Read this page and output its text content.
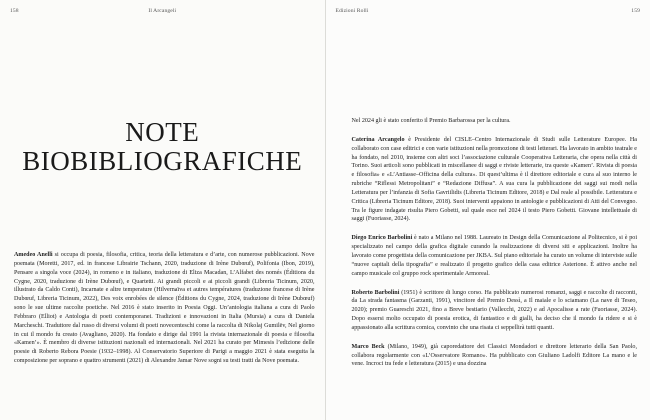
158	Il Arcangeli
NOTE
BIOBIBLIOGRAFICHE

Amedeo Anelli si occupa di poesia, filosofia, critica, teoria della letteratura e d’arte, con numerose pubblicazioni. Nove poemata (Moretti, 2017, ed. in francese Librairie Tschann, 2020, traduzione di Irène Dubœuf), Polifonia (Ibon, 2019), Pensare a singola voce (2024), in romeno e in italiano, traduzione di Eliza Macadan, L’Alfabet des només (Éditions du Cygne, 2020, traduzione di Irène Dubœuf), e Quartetti. Ai grandi piccoli e ai piccoli grandi (Libreria Ticinum, 2020, illustrato da Caldo Conti), Incarnate e altre temperature (Hilvernaïva et autres températures (traduzione francese di Irène Dubœuf, Libreria Ticinum, 2022), Des voix enrobées de silence (Éditions du Cygne, 2024, traduzione di Irène Dubœuf) sono le sue ultime raccolte poetiche. Nel 2016 è stato inserito in Poesia Oggi. Un’antologia italiana a cura di Paolo Febbraro (Elliot) e Antologia di poeti contemporanei. Tradizioni e innovazioni in Italia (Mursia) a cura di Daniela Marcheschi. Traduttore dal russo di diversi volumi di poeti novecenteschi come la raccolta di Nikolaj Gumilëv, Nel giorno in cui il mondo fu creato (Avagliano, 2020). Ha fondato e dirige dal 1991 la rivista internazionale di poesia e filosofia «Kamen’». È membro di diverse istituzioni nazionali ed internazionali. Nel 2021 ha curato per Mimesis l’edizione delle poesie di Roberto Rebora Poesie (1932–1998). Al Conservatorio Superiore di Parigi a maggio 2021 è stata eseguita la composizione per soprano e quattro strumenti (2021) di Alexandre Jamar Nove sogni su testi tratti da Nove poemata.

Edizioni Rollì	159

Nel 2024 gli è stato conferito il Premio Barbarossa per la cultura.

Caterina Arcangelo è Presidente del CISLE–Centro Internazionale di Studi sulle Letterature Europee. Ha collaborato con case editrici e con varie istituzioni nella promozione di testi letterari. Ha lavorato in ambito teatrale e ha fondato, nel 2010, insieme con altri soci l’associazione culturale Cooperativa Letteraria, che opera nella città di Torino. Suoi articoli sono pubblicati in miscellanee di saggi e riviste letterarie, tra queste «Kamen’. Rivista di poesia e filosofia» e «L’Antiasse–Officina della cultura». Di quest’ultima è il direttore editoriale e cura al suo interno le rubriche “Riflessi Metropolitani” e “Redazione Diffusa”. A sua cura la pubblicazione dei saggi sui modi nella Letteratura per l’infanzia di Sofia Gavriilidis (Libreria Ticinum Editore, 2018) e Dal reale al possibile. Letteratura e Critica (Libreria Ticinum Editore, 2018). Suoi interventi appaiono in antologie e pubblicazioni di Atti del Convegno. Tra le figure indagate risulta Piero Gobetti, sul quale esce nel 2024 il testo Piero Gobetti. Giovane intellettuale di saggi (Fuoriasse, 2024).

Diego Enrico Barbolini è nato a Milano nel 1988. Laureato in Design della Comunicazione al Politecnico, si è poi specializzato nel campo della grafica digitale curando la realizzazione di diversi siti e applicazioni. Inoltre ha lavorato come progettista della comunicazione per JKBA. Sul piano editoriale ha curato un volume di interviste sulle “nuove capitali della tipografia” e realizzato il progetto grafico della casa editrice Asterione. È attivo anche nel campo musicale col gruppo rock sperimentale Armoreal.

Roberto Barbolini (1951) è scrittore di lungo corso. Ha pubblicato numerosi romanzi, saggi e raccolte di racconti, da La strada fantasma (Garzanti, 1991), vincitore del Premio Dessì, a Il maiale e lo sciamano (La nave di Teseo, 2020); premio Guareschi 2021, fino a Breve bestiario (Vallecchi, 2022) e ad Apocalisse a rate (Fuoriasse, 2024). Dopo essersi molto occupato di poesia erotica, di fantastico e di gialli, ha deciso che il mondo fa ridere e si è appassionato alla scrittura comica, convinto che una risata ci seppellirà tutti quanti.

Marco Beck (Milano, 1949), già caporedattore dei Classici Mondadori e direttore letterario della San Paolo, collabora regolarmente con «L’Osservatore Romano». Ha pubblicato con Giuliano Ladolfi Editore La mano e le vene. Incroci tra fede e letteratura (2015) e una dozzina
